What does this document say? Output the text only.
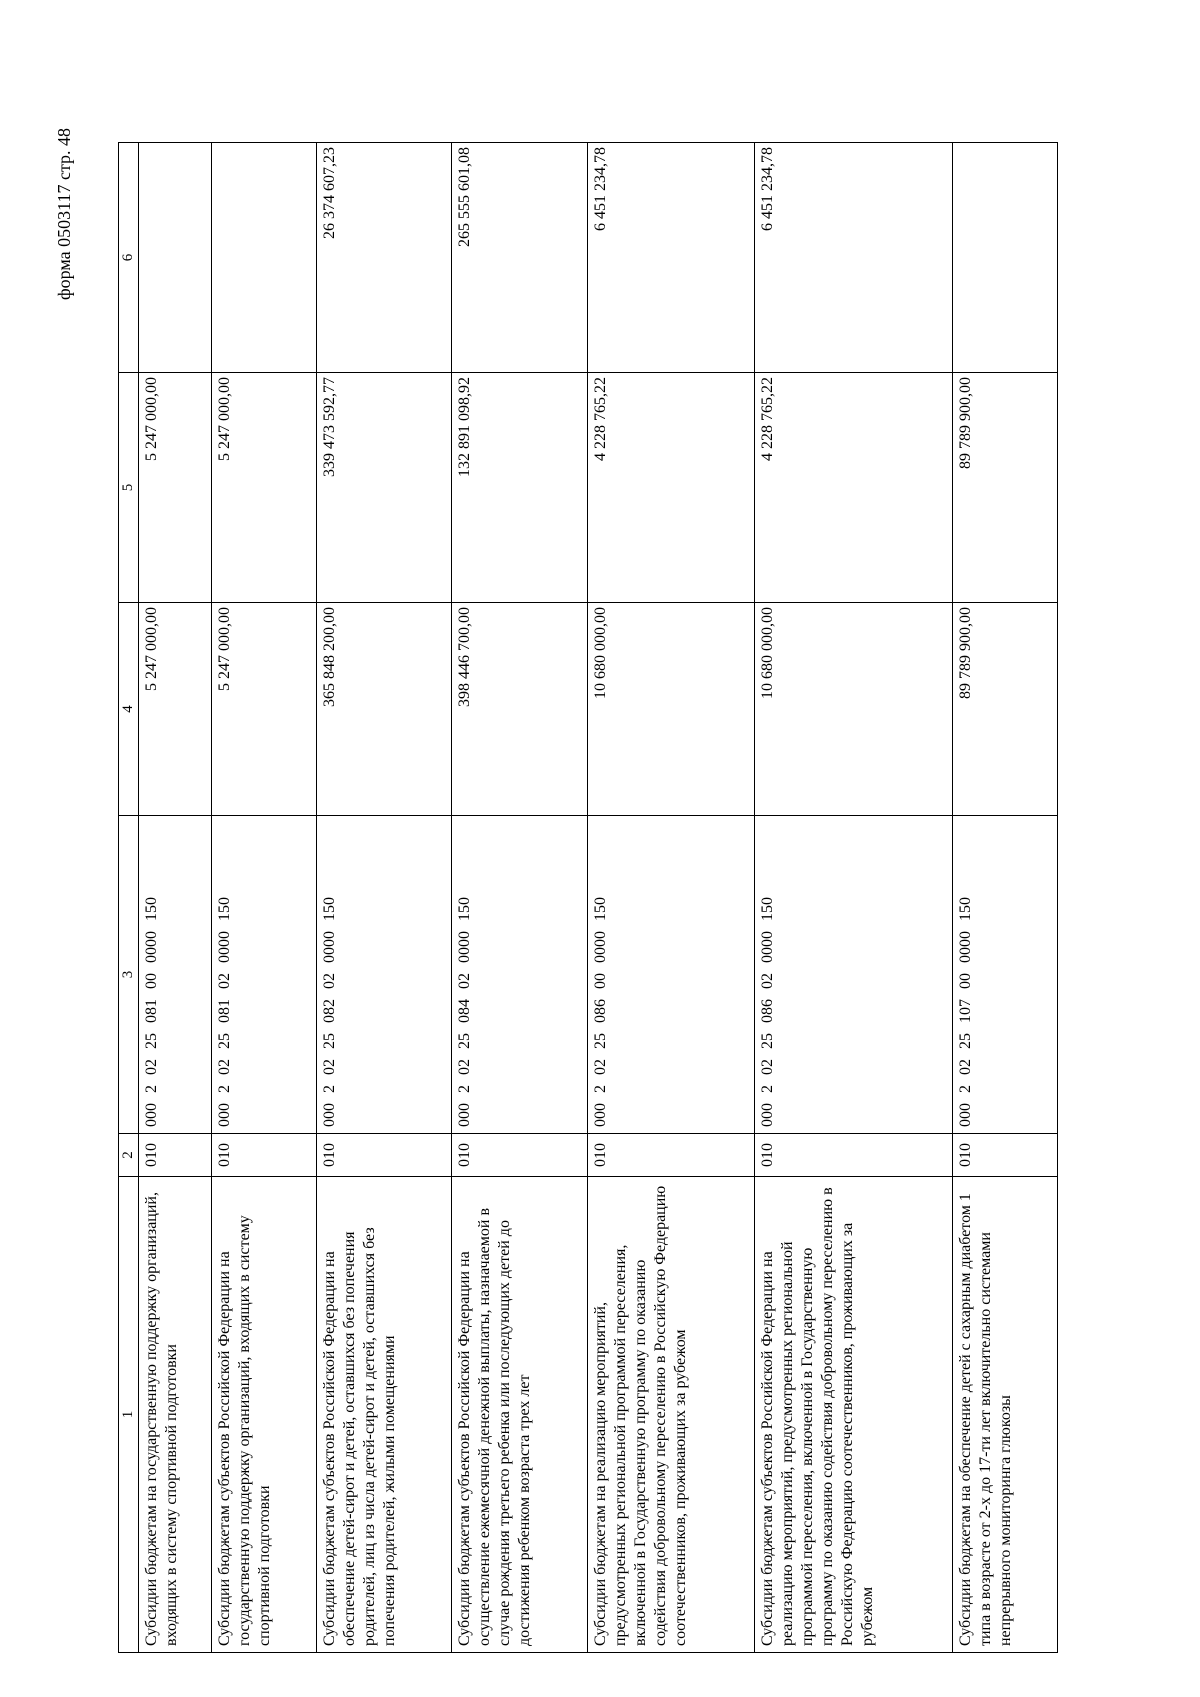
форма 0503117 стр. 48
1	2	3	4	5	6
Субсидии бюджетам на государственную поддержку организаций, входящих в систему спортивной подготовки	010	000 2 02 25 081 00 0000 150	5 247 000,00	5 247 000,00	
Субсидии бюджетам субъектов Российской Федерации на государственную поддержку организаций, входящих в систему спортивной подготовки	010	000 2 02 25 081 02 0000 150	5 247 000,00	5 247 000,00	
Субсидии бюджетам субъектов Российской Федерации на обеспечение детей-сирот и детей, оставшихся без попечения родителей, лиц из числа детей-сирот и детей, оставшихся без попечения родителей, жилыми помещениями	010	000 2 02 25 082 02 0000 150	365 848 200,00	339 473 592,77	26 374 607,23
Субсидии бюджетам субъектов Российской Федерации на осуществление ежемесячной денежной выплаты, назначаемой в случае рождения третьего ребенка или последующих детей до достижения ребенком возраста трех лет	010	000 2 02 25 084 02 0000 150	398 446 700,00	132 891 098,92	265 555 601,08
Субсидии бюджетам на реализацию мероприятий, предусмотренных региональной программой переселения, включенной в Государственную программу по оказанию содействия добровольному переселению в Российскую Федерацию соотечественников, проживающих за рубежом	010	000 2 02 25 086 00 0000 150	10 680 000,00	4 228 765,22	6 451 234,78
Субсидии бюджетам субъектов Российской Федерации на реализацию мероприятий, предусмотренных региональной программой переселения, включенной в Государственную программу по оказанию содействия добровольному переселению в Российскую Федерацию соотечественников, проживающих за рубежом	010	000 2 02 25 086 02 0000 150	10 680 000,00	4 228 765,22	6 451 234,78
Субсидии бюджетам на обеспечение детей с сахарным диабетом 1 типа в возрасте от 2-х до 17-ти лет включительно системами непрерывного мониторинга глюкозы	010	000 2 02 25 107 00 0000 150	89 789 900,00	89 789 900,00	
